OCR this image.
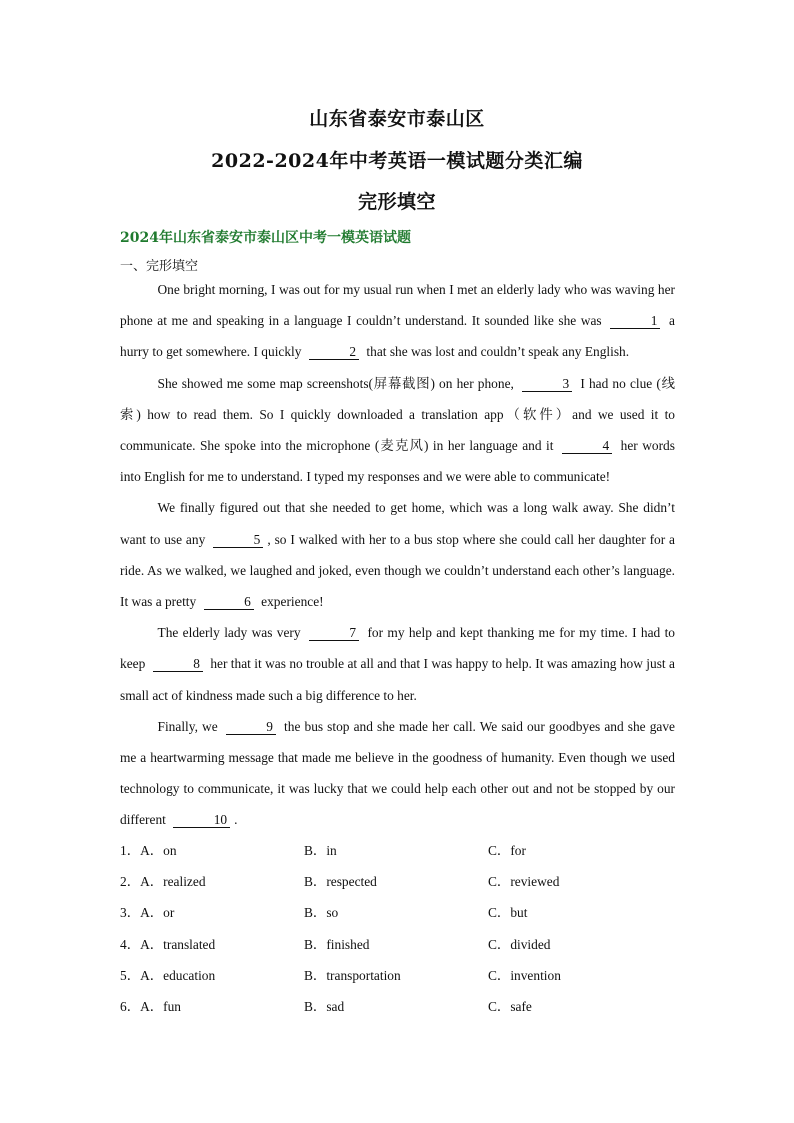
山东省泰安市泰山区
2022-2024年中考英语一模试题分类汇编
完形填空
2024年山东省泰安市泰山区中考一模英语试题
一、完形填空

One bright morning, I was out for my usual run when I met an elderly lady who was waving her phone at me and speaking in a language I couldn’t understand. It sounded like she was	1 a hurry to get somewhere. I quickly	2 that she was lost and couldn’t speak any English.

She showed me some map screenshots(屏幕截图) on her phone,	3 I had no clue (线索) how to read them. So I quickly downloaded a translation app（软件）and we used it to communicate. She spoke into the microphone (麦克风) in her language and it	4 her words into English for me to understand. I typed my responses and we were able to communicate!

We finally figured out that she needed to get home, which was a long walk away. She didn’t want to use any	5 , so I walked with her to a bus stop where she could call her daughter for a ride. As we walked, we laughed and joked, even though we couldn’t understand each other’s language. It was a pretty	6 experience!

The elderly lady was very	7 for my help and kept thanking me for my time. I had to keep	8 her that it was no trouble at all and that I was happy to help. It was amazing how just a small act of kindness made such a big difference to her.

Finally, we	9 the bus stop and she made her call. We said our goodbyes and she gave me a heartwarming message that made me believe in the goodness of humanity. Even though we used technology to communicate, it was lucky that we could help each other out and not be stopped by our different	10 .

1．A．on	B．in	C．for
2．A．realized	B．respected	C．reviewed
3．A．or	B．so	C．but
4．A．translated	B．finished	C．divided
5．A．education	B．transportation	C．invention
6．A．fun	B．sad	C．safe
